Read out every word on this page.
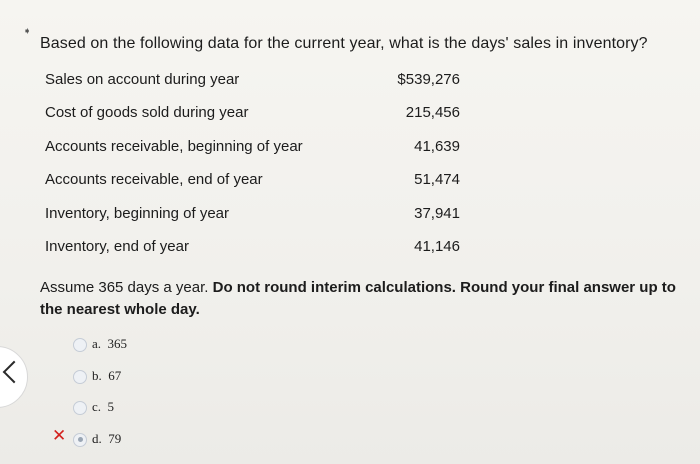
➧
Based on the following data for the current year, what is the days' sales in inventory?
Sales on account during year	$539,276
Cost of goods sold during year	215,456
Accounts receivable, beginning of year	41,639
Accounts receivable, end of year	51,474
Inventory, beginning of year	37,941
Inventory, end of year	41,146
Assume 365 days a year. Do not round interim calculations. Round your final answer up to the nearest whole day.
a. 365
b. 67
c. 5
✕ d. 79
